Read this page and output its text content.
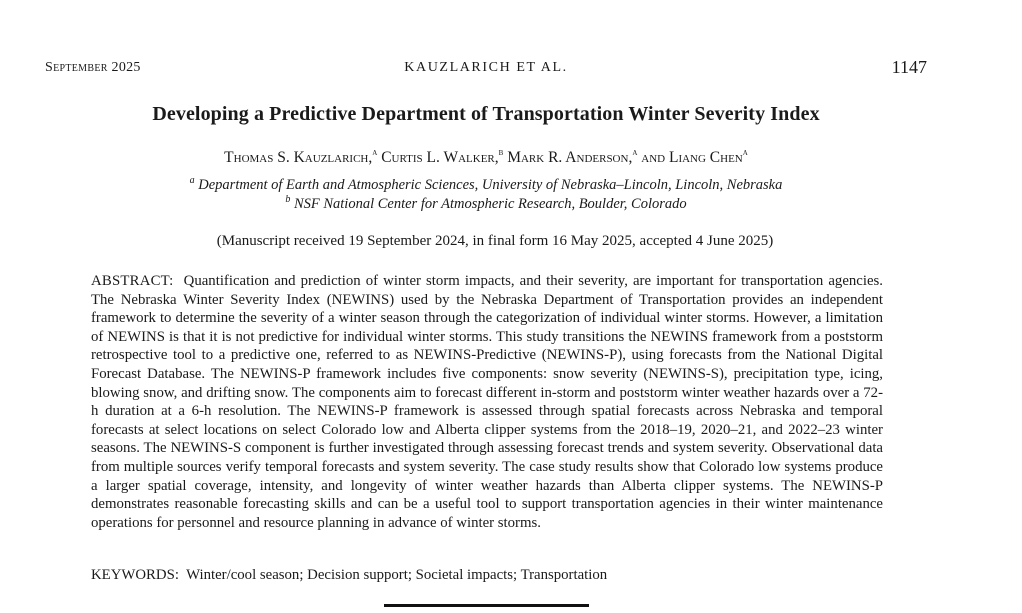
September 2025	KAUZLARICH ET AL.	1147
Developing a Predictive Department of Transportation Winter Severity Index
Thomas S. Kauzlarich,$^a$ Curtis L. Walker,$^b$ Mark R. Anderson,$^a$ and Liang Chen$^a$
$^a$ Department of Earth and Atmospheric Sciences, University of Nebraska–Lincoln, Lincoln, Nebraska
$^b$ NSF National Center for Atmospheric Research, Boulder, Colorado
(Manuscript received 19 September 2024, in final form 16 May 2025, accepted 4 June 2025)

ABSTRACT: Quantification and prediction of winter storm impacts, and their severity, are important for transportation agencies. The Nebraska Winter Severity Index (NEWINS) used by the Nebraska Department of Transportation provides an independent framework to determine the severity of a winter season through the categorization of individual winter storms. However, a limitation of NEWINS is that it is not predictive for individual winter storms. This study transitions the NEWINS framework from a poststorm retrospective tool to a predictive one, referred to as NEWINS-Predictive (NEWINS-P), using forecasts from the National Digital Forecast Database. The NEWINS-P framework includes five components: snow severity (NEWINS-S), precipitation type, icing, blowing snow, and drifting snow. The components aim to forecast different in-storm and poststorm winter weather hazards over a 72-h duration at a 6-h resolution. The NEWINS-P framework is assessed through spatial forecasts across Nebraska and temporal forecasts at select locations on select Colorado low and Alberta clipper systems from the 2018–19, 2020–21, and 2022–23 winter seasons. The NEWINS-S component is further investigated through assessing forecast trends and system severity. Observational data from multiple sources verify temporal forecasts and system severity. The case study results show that Colorado low systems produce a larger spatial coverage, intensity, and longevity of winter weather hazards than Alberta clipper systems. The NEWINS-P demonstrates reasonable forecasting skills and can be a useful tool to support transportation agencies in their winter maintenance operations for personnel and resource planning in advance of winter storms.

KEYWORDS: Winter/cool season; Decision support; Societal impacts; Transportation
